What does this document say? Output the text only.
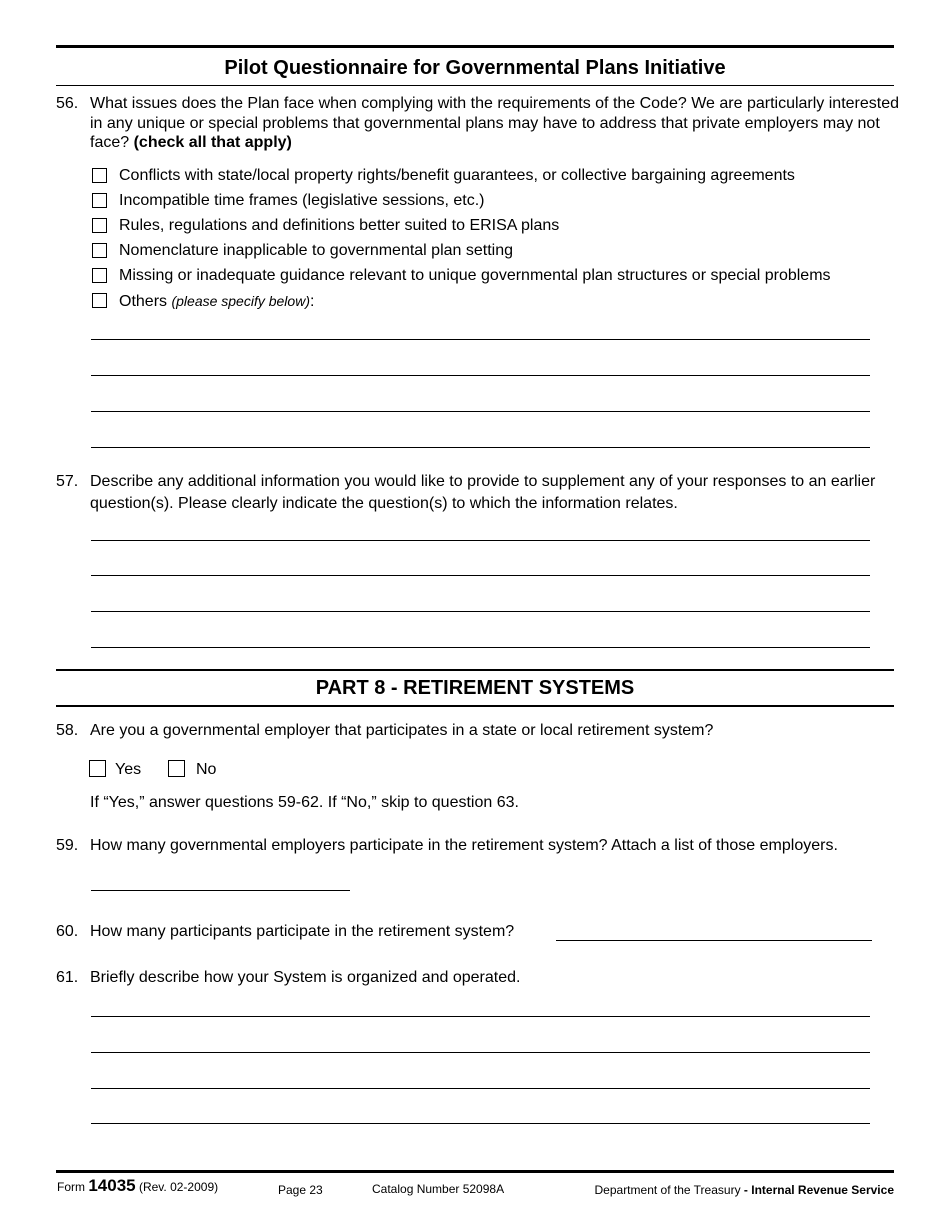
Pilot Questionnaire for Governmental Plans Initiative
56. What issues does the Plan face when complying with the requirements of the Code? We are particularly interested in any unique or special problems that governmental plans may have to address that private employers may not face? (check all that apply)
Conflicts with state/local property rights/benefit guarantees, or collective bargaining agreements
Incompatible time frames (legislative sessions, etc.)
Rules, regulations and definitions better suited to ERISA plans
Nomenclature inapplicable to governmental plan setting
Missing or inadequate guidance relevant to unique governmental plan structures or special problems
Others (please specify below):
57. Describe any additional information you would like to provide to supplement any of your responses to an earlier question(s). Please clearly indicate the question(s) to which the information relates.
PART 8 - RETIREMENT SYSTEMS
58. Are you a governmental employer that participates in a state or local retirement system?
Yes	No
If “Yes,” answer questions 59-62. If “No,” skip to question 63.
59. How many governmental employers participate in the retirement system? Attach a list of those employers.
60. How many participants participate in the retirement system?
61. Briefly describe how your System is organized and operated.
Form 14035 (Rev. 02-2009)	Page 23	Catalog Number 52098A	Department of the Treasury - Internal Revenue Service
